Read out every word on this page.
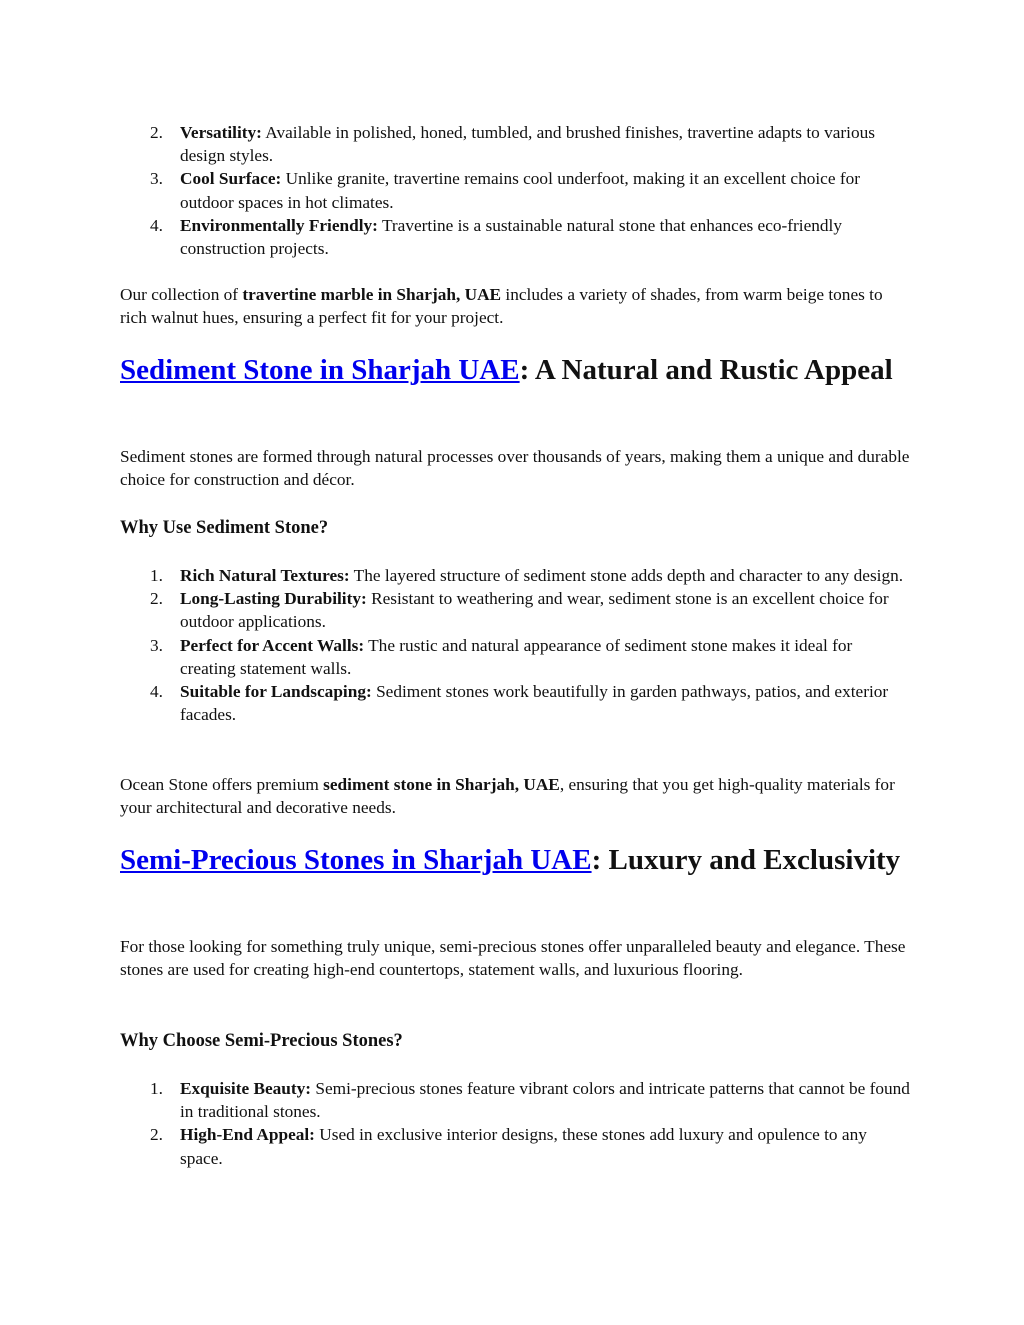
2. Versatility: Available in polished, honed, tumbled, and brushed finishes, travertine adapts to various design styles.
3. Cool Surface: Unlike granite, travertine remains cool underfoot, making it an excellent choice for outdoor spaces in hot climates.
4. Environmentally Friendly: Travertine is a sustainable natural stone that enhances eco-friendly construction projects.

Our collection of travertine marble in Sharjah, UAE includes a variety of shades, from warm beige tones to rich walnut hues, ensuring a perfect fit for your project.

Sediment Stone in Sharjah UAE: A Natural and Rustic Appeal

Sediment stones are formed through natural processes over thousands of years, making them a unique and durable choice for construction and décor.

Why Use Sediment Stone?
1. Rich Natural Textures: The layered structure of sediment stone adds depth and character to any design.
2. Long-Lasting Durability: Resistant to weathering and wear, sediment stone is an excellent choice for outdoor applications.
3. Perfect for Accent Walls: The rustic and natural appearance of sediment stone makes it ideal for creating statement walls.
4. Suitable for Landscaping: Sediment stones work beautifully in garden pathways, patios, and exterior facades.

Ocean Stone offers premium sediment stone in Sharjah, UAE, ensuring that you get high-quality materials for your architectural and decorative needs.

Semi-Precious Stones in Sharjah UAE: Luxury and Exclusivity

For those looking for something truly unique, semi-precious stones offer unparalleled beauty and elegance. These stones are used for creating high-end countertops, statement walls, and luxurious flooring.

Why Choose Semi-Precious Stones?
1. Exquisite Beauty: Semi-precious stones feature vibrant colors and intricate patterns that cannot be found in traditional stones.
2. High-End Appeal: Used in exclusive interior designs, these stones add luxury and opulence to any space.
